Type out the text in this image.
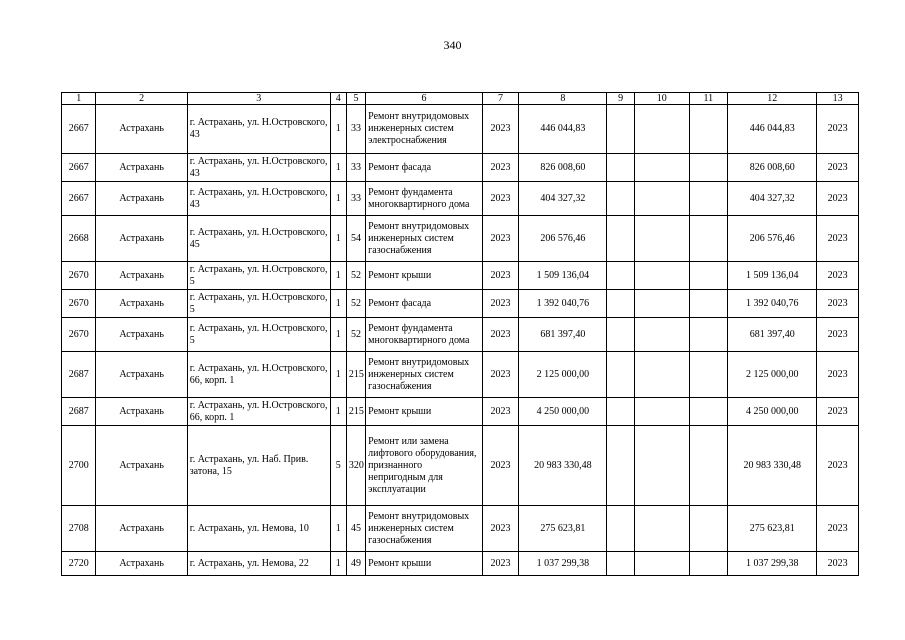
340
1	2	3	4	5	6	7	8	9	10	11	12	13
2667	Астрахань	г. Астрахань, ул. Н.Островского, 43	1	33	Ремонт внутридомовых инженерных систем электроснабжения	2023	446 044,83				446 044,83	2023
2667	Астрахань	г. Астрахань, ул. Н.Островского, 43	1	33	Ремонт фасада	2023	826 008,60				826 008,60	2023
2667	Астрахань	г. Астрахань, ул. Н.Островского, 43	1	33	Ремонт фундамента многоквартирного дома	2023	404 327,32				404 327,32	2023
2668	Астрахань	г. Астрахань, ул. Н.Островского, 45	1	54	Ремонт внутридомовых инженерных систем газоснабжения	2023	206 576,46				206 576,46	2023
2670	Астрахань	г. Астрахань, ул. Н.Островского, 5	1	52	Ремонт крыши	2023	1 509 136,04				1 509 136,04	2023
2670	Астрахань	г. Астрахань, ул. Н.Островского, 5	1	52	Ремонт фасада	2023	1 392 040,76				1 392 040,76	2023
2670	Астрахань	г. Астрахань, ул. Н.Островского, 5	1	52	Ремонт фундамента многоквартирного дома	2023	681 397,40				681 397,40	2023
2687	Астрахань	г. Астрахань, ул. Н.Островского, 66, корп. 1	1	215	Ремонт внутридомовых инженерных систем газоснабжения	2023	2 125 000,00				2 125 000,00	2023
2687	Астрахань	г. Астрахань, ул. Н.Островского, 66, корп. 1	1	215	Ремонт крыши	2023	4 250 000,00				4 250 000,00	2023
2700	Астрахань	г. Астрахань, ул. Наб. Прив. затона, 15	5	320	Ремонт или замена лифтового оборудования, признанного непригодным для эксплуатации	2023	20 983 330,48				20 983 330,48	2023
2708	Астрахань	г. Астрахань, ул. Немова, 10	1	45	Ремонт внутридомовых инженерных систем газоснабжения	2023	275 623,81				275 623,81	2023
2720	Астрахань	г. Астрахань, ул. Немова, 22	1	49	Ремонт крыши	2023	1 037 299,38				1 037 299,38	2023
